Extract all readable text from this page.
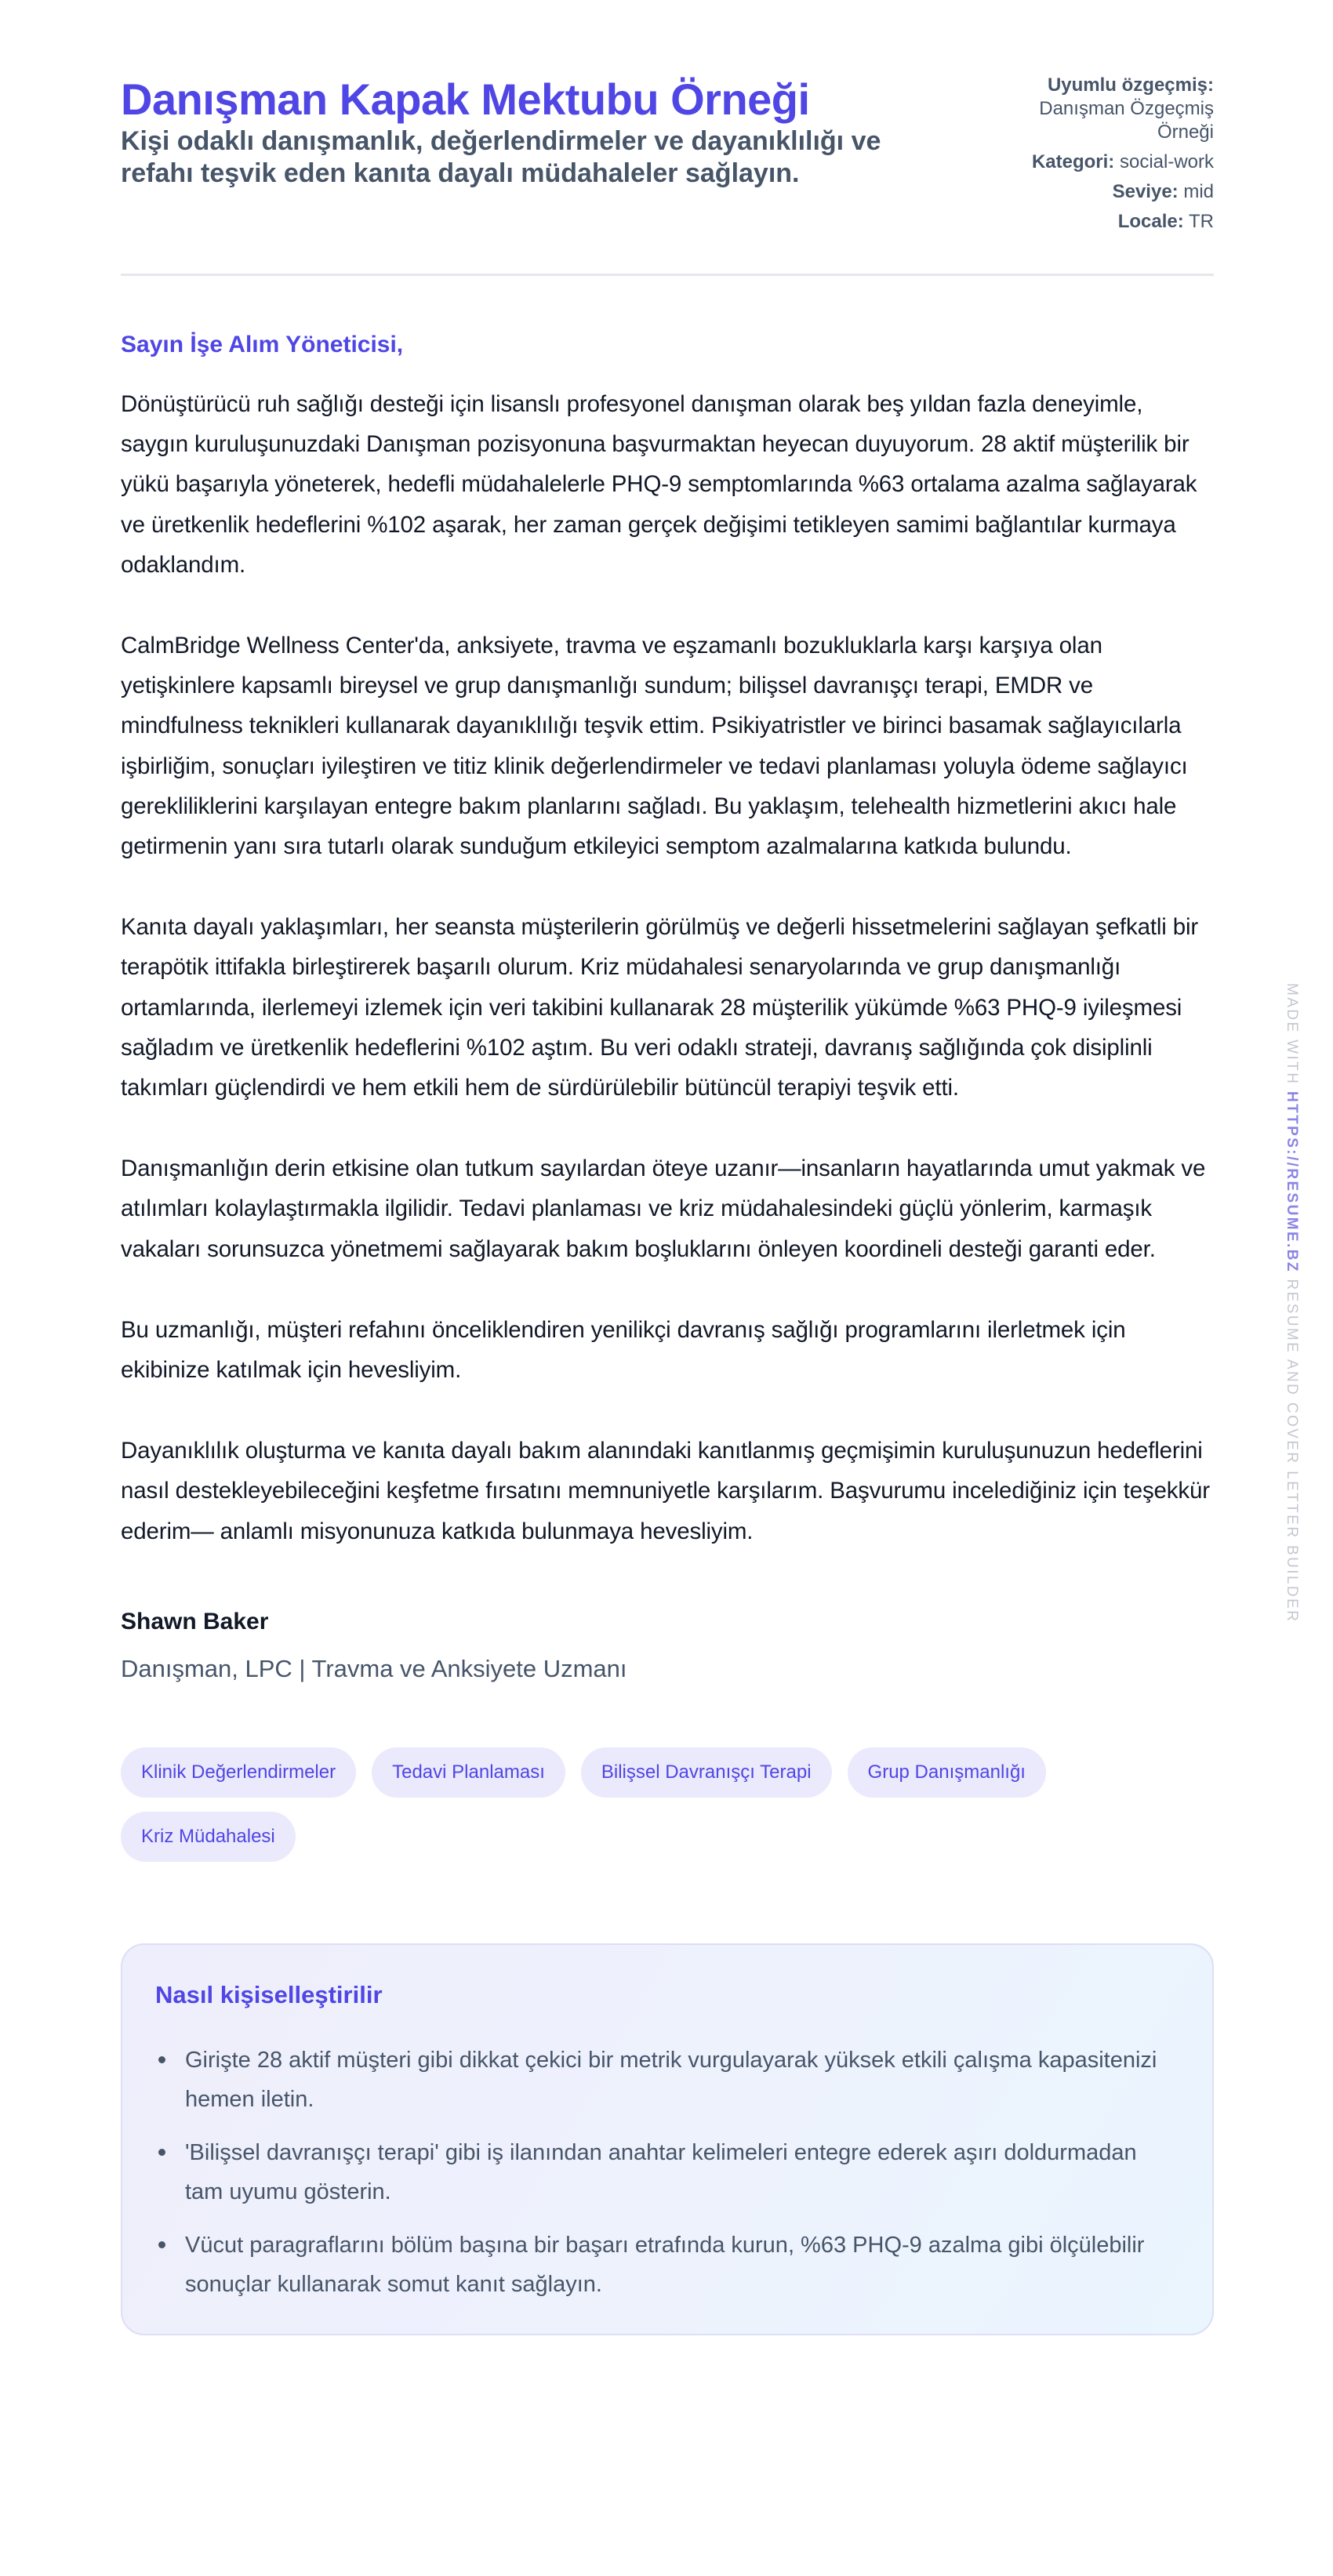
Danışman Kapak Mektubu Örneği
Kişi odaklı danışmanlık, değerlendirmeler ve dayanıklılığı ve refahı teşvik eden kanıta dayalı müdahaleler sağlayın.
Uyumlu özgeçmiş:
Danışman Özgeçmiş Örneği
Kategori: social-work
Seviye: mid
Locale: TR
Sayın İşe Alım Yöneticisi,

Dönüştürücü ruh sağlığı desteği için lisanslı profesyonel danışman olarak beş yıldan fazla deneyimle, saygın kuruluşunuzdaki Danışman pozisyonuna başvurmaktan heyecan duyuyorum. 28 aktif müşterilik bir yükü başarıyla yöneterek, hedefli müdahalelerle PHQ-9 semptomlarında %63 ortalama azalma sağlayarak ve üretkenlik hedeflerini %102 aşarak, her zaman gerçek değişimi tetikleyen samimi bağlantılar kurmaya odaklandım.

CalmBridge Wellness Center'da, anksiyete, travma ve eşzamanlı bozukluklarla karşı karşıya olan yetişkinlere kapsamlı bireysel ve grup danışmanlığı sundum; bilişsel davranışçı terapi, EMDR ve mindfulness teknikleri kullanarak dayanıklılığı teşvik ettim. Psikiyatristler ve birinci basamak sağlayıcılarla işbirliğim, sonuçları iyileştiren ve titiz klinik değerlendirmeler ve tedavi planlaması yoluyla ödeme sağlayıcı gerekliliklerini karşılayan entegre bakım planlarını sağladı. Bu yaklaşım, telehealth hizmetlerini akıcı hale getirmenin yanı sıra tutarlı olarak sunduğum etkileyici semptom azalmalarına katkıda bulundu.

Kanıta dayalı yaklaşımları, her seansta müşterilerin görülmüş ve değerli hissetmelerini sağlayan şefkatli bir terapötik ittifakla birleştirerek başarılı olurum. Kriz müdahalesi senaryolarında ve grup danışmanlığı ortamlarında, ilerlemeyi izlemek için veri takibini kullanarak 28 müşterilik yükümde %63 PHQ-9 iyileşmesi sağladım ve üretkenlik hedeflerini %102 aştım. Bu veri odaklı strateji, davranış sağlığında çok disiplinli takımları güçlendirdi ve hem etkili hem de sürdürülebilir bütüncül terapiyi teşvik etti.

Danışmanlığın derin etkisine olan tutkum sayılardan öteye uzanır—insanların hayatlarında umut yakmak ve atılımları kolaylaştırmakla ilgilidir. Tedavi planlaması ve kriz müdahalesindeki güçlü yönlerim, karmaşık vakaları sorunsuzca yönetmemi sağlayarak bakım boşluklarını önleyen koordineli desteği garanti eder.

Bu uzmanlığı, müşteri refahını önceliklendiren yenilikçi davranış sağlığı programlarını ilerletmek için ekibinize katılmak için hevesliyim.

Dayanıklılık oluşturma ve kanıta dayalı bakım alanındaki kanıtlanmış geçmişimin kuruluşunuzun hedeflerini nasıl destekleyebileceğini keşfetme fırsatını memnuniyetle karşılarım. Başvurumu incelediğiniz için teşekkür ederim— anlamlı misyonunuza katkıda bulunmaya hevesliyim.

Shawn Baker
Danışman, LPC | Travma ve Anksiyete Uzmanı
Klinik Değerlendirmeler	Tedavi Planlaması	Bilişsel Davranışçı Terapi	Grup Danışmanlığı
Kriz Müdahalesi
Nasıl kişiselleştirilir
Girişte 28 aktif müşteri gibi dikkat çekici bir metrik vurgulayarak yüksek etkili çalışma kapasitenizi hemen iletin.
'Bilişsel davranışçı terapi' gibi iş ilanından anahtar kelimeleri entegre ederek aşırı doldurmadan tam uyumu gösterin.
Vücut paragraflarını bölüm başına bir başarı etrafında kurun, %63 PHQ-9 azalma gibi ölçülebilir sonuçlar kullanarak somut kanıt sağlayın.
MADE WITH HTTPS://RESUME.BZ RESUME AND COVER LETTER BUILDER
